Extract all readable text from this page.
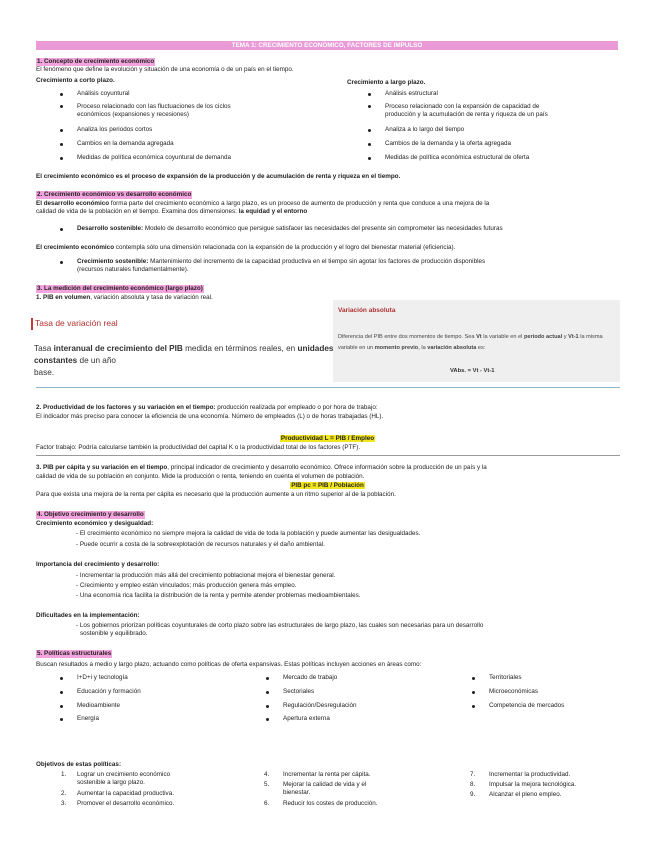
TEMA 1: CRECIMIENTO ECONÓMICO, FACTORES DE IMPULSO
1. Concepto de crecimiento económico
El fenómeno que define la evolución y situación de una economía o de un país en el tiempo.
Crecimiento a corto plazo.	Crecimiento a largo plazo.
Análisis coyuntural
Proceso relacionado con las fluctuaciones de los ciclos
económicos (expansiones y recesiones)
Analiza los periodos cortos
Cambios en la demanda agregada
Medidas de política económica coyuntural de demanda
Análisis estructural
Proceso relacionado con la expansión de capacidad de
producción y la acumulación de renta y riqueza de un país
Analiza a lo largo del tiempo
Cambios de la demanda y la oferta agregada
Medidas de política económica estructural de oferta
El crecimiento económico es el proceso de expansión de la producción y de acumulación de renta y riqueza en el tiempo.
2. Crecimiento económico vs desarrollo económico
El desarrollo económico forma parte del crecimiento económico a largo plazo, es un proceso de aumento de producción y renta que conduce a una mejora de la
calidad de vida de la población en el tiempo. Examina dos dimensiones: la equidad y el entorno
Desarrollo sostenible: Modelo de desarrollo económico que persigue satisfacer las necesidades del presente sin comprometer las necesidades futuras
El crecimiento económico contempla sólo una dimensión relacionada con la expansión de la producción y el logro del bienestar material (eficiencia).
Crecimiento sostenible: Mantenimiento del incremento de la capacidad productiva en el tiempo sin agotar los factores de producción disponibles
(recursos naturales fundamentalmente).
3. La medición del crecimiento económico (largo plazo)
1. PIB en volumen, variación absoluta y tasa de variación real.
Tasa de variación real
Tasa interanual de crecimiento del PIB medida en términos reales, en unidades constantes de un año
base.
Variación absoluta
Diferencia del PIB entre dos momentos de tiempo. Sea Vt la variable en el periodo actual y Vt-1 la misma
variable en un momento previo, la variación absoluta es:
VAbs. = Vt - Vt-1
2. Productividad de los factores y su variación en el tiempo: producción realizada por empleado o por hora de trabajo:
El indicador más preciso para conocer la eficiencia de una economía. Número de empleados (L) o de horas trabajadas (HL).
Productividad L = PIB / Empleo
Factor trabajo: Podría calcularse también la productividad del capital K o la productividad total de los factores (PTF).
3. PIB per cápita y su variación en el tiempo, principal indicador de crecimiento y desarrollo económico. Ofrece información sobre la producción de un país y la
calidad de vida de su población en conjunto. Mide la producción o renta, teniendo en cuenta el volumen de población.
PIB pc = PIB / Población
Para que exista una mejora de la renta per cápita es necesario que la producción aumente a un ritmo superior al de la población.
4. Objetivo crecimiento y desarrollo
Crecimiento económico y desigualdad:
- El crecimiento económico no siempre mejora la calidad de vida de toda la población y puede aumentar las desigualdades.
- Puede ocurrir a costa de la sobreexplotación de recursos naturales y el daño ambiental.
Importancia del crecimiento y desarrollo:
- Incrementar la producción más allá del crecimiento poblacional mejora el bienestar general.
- Crecimiento y empleo están vinculados; más producción genera más empleo.
- Una economía rica facilita la distribución de la renta y permite atender problemas medioambientales.
Dificultades en la implementación:
- Los gobiernos priorizan políticas coyunturales de corto plazo sobre las estructurales de largo plazo, las cuales son necesarias para un desarrollo
sostenible y equilibrado.
5. Políticas estructurales
Buscan resultados a medio y largo plazo, actuando como políticas de oferta expansivas. Estas políticas incluyen acciones en áreas como:
I+D+i y tecnología
Educación y formación
Medioambiente
Energía
Mercado de trabajo
Sectoriales
Regulación/Desregulación
Apertura externa
Territoriales
Microeconómicas
Competencia de mercados
Objetivos de estas políticas:
1. Lograr un crecimiento económico
sostenible a largo plazo.
2. Aumentar la capacidad productiva.
3. Promover el desarrollo económico.
4. Incrementar la renta per cápita.
5. Mejorar la calidad de vida y el
bienestar.
6. Reducir los costes de producción.
7. Incrementar la productividad.
8. Impulsar la mejora tecnológica.
9. Alcanzar el pleno empleo.
